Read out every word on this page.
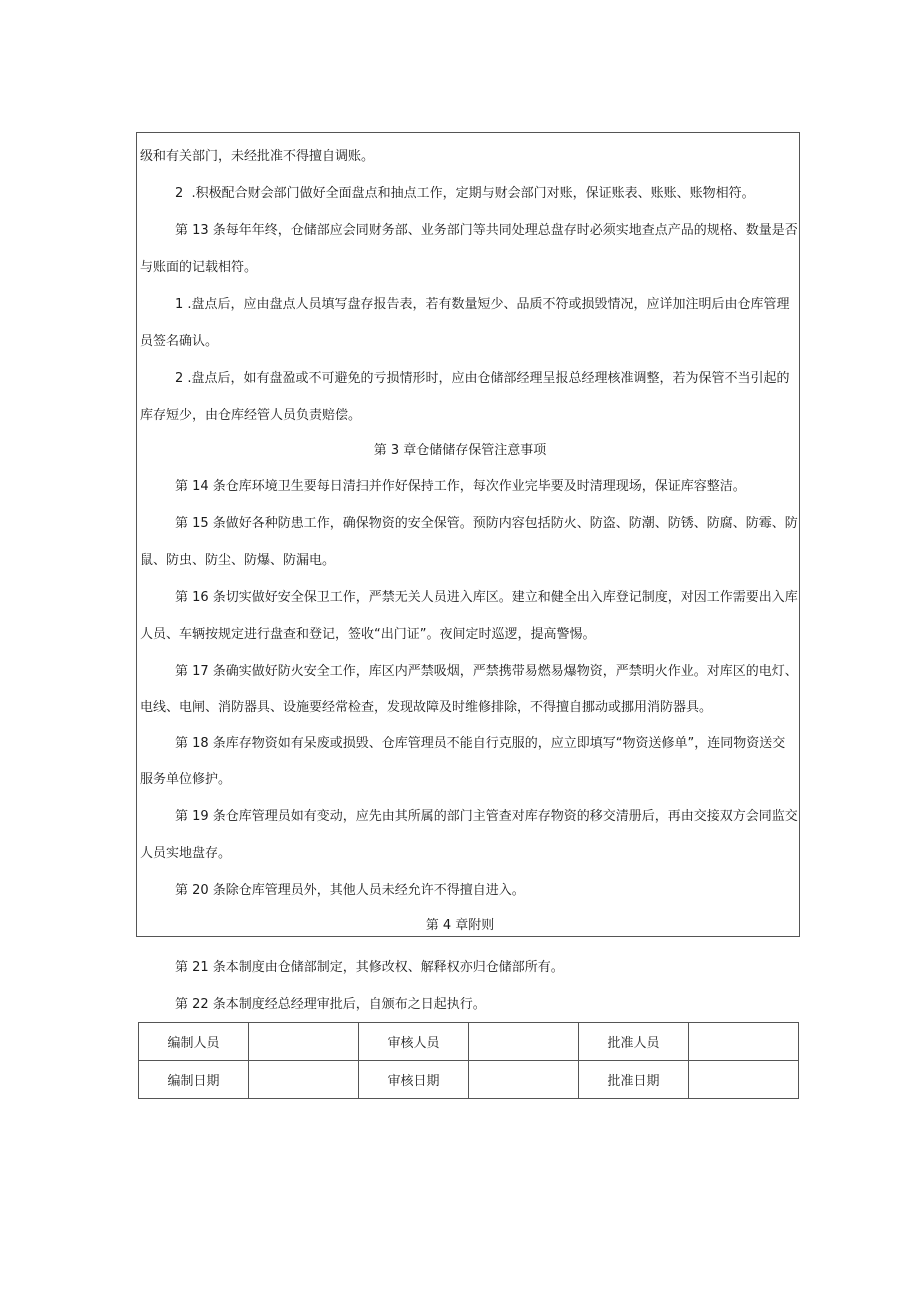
级和有关部门，未经批准不得擅自调账。
2  .积极配合财会部门做好全面盘点和抽点工作，定期与财会部门对账，保证账表、账账、账物相符。
第 13 条每年年终，仓储部应会同财务部、业务部门等共同处理总盘存时必须实地查点产品的规格、数量是否
与账面的记载相符。
1 .盘点后，应由盘点人员填写盘存报告表，若有数量短少、品质不符或损毁情况，应详加注明后由仓库管理
员签名确认。
2 .盘点后，如有盘盈或不可避免的亏损情形时，应由仓储部经理呈报总经理核准调整，若为保管不当引起的
库存短少，由仓库经管人员负责赔偿。
第 3 章仓储储存保管注意事项
第 14 条仓库环境卫生要每日清扫并作好保持工作，每次作业完毕要及时清理现场，保证库容整洁。
第 15 条做好各种防患工作，确保物资的安全保管。预防内容包括防火、防盗、防潮、防锈、防腐、防霉、防
鼠、防虫、防尘、防爆、防漏电。
第 16 条切实做好安全保卫工作，严禁无关人员进入库区。建立和健全出入库登记制度，对因工作需要出入库
人员、车辆按规定进行盘查和登记，签收“出门证”。夜间定时巡逻，提高警惕。
第 17 条确实做好防火安全工作，库区内严禁吸烟，严禁携带易燃易爆物资，严禁明火作业。对库区的电灯、
电线、电闸、消防器具、设施要经常检查，发现故障及时维修排除，不得擅自挪动或挪用消防器具。
第 18 条库存物资如有呆废或损毁、仓库管理员不能自行克服的，应立即填写“物资送修单”，连同物资送交
服务单位修护。
第 19 条仓库管理员如有变动，应先由其所属的部门主管查对库存物资的移交清册后，再由交接双方会同监交
人员实地盘存。
第 20 条除仓库管理员外，其他人员未经允许不得擅自进入。
第 4 章附则
第 21 条本制度由仓储部制定，其修改权、解释权亦归仓储部所有。
第 22 条本制度经总经理审批后，自颁布之日起执行。
编制人员		审核人员		批准人员	
编制日期		审核日期		批准日期	
